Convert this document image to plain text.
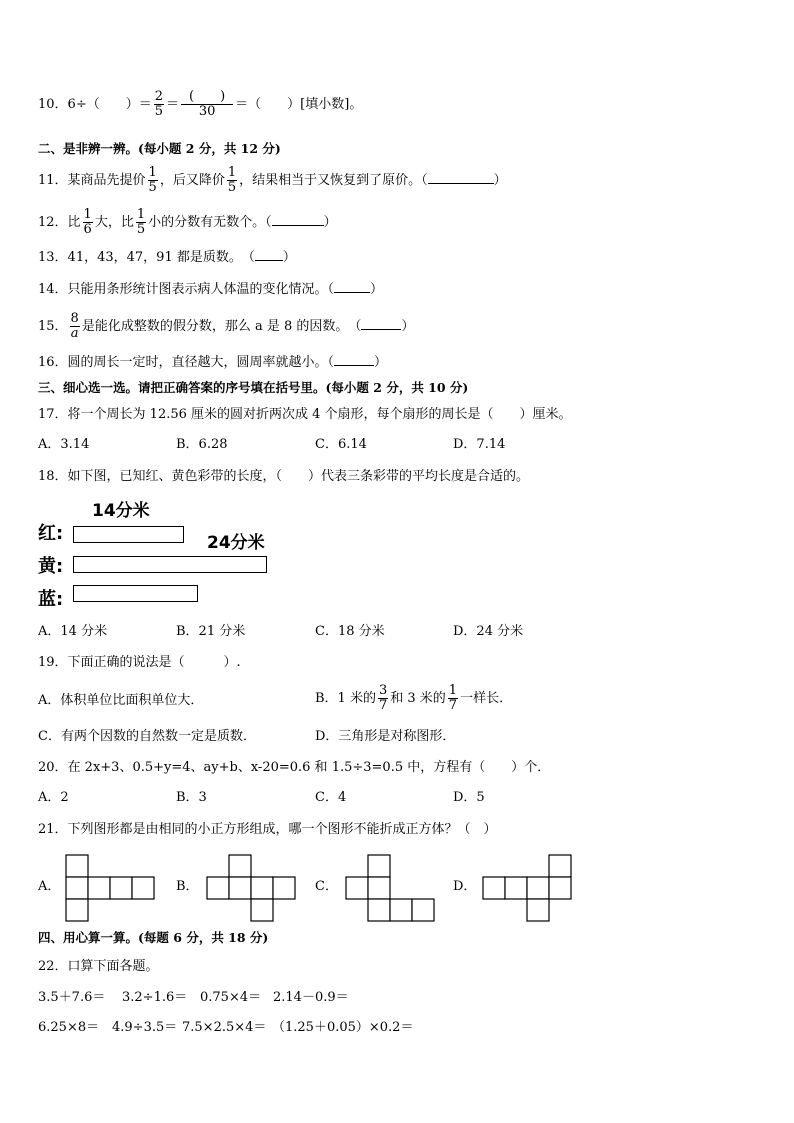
10．6÷（　　）＝ $\frac{2}{5} = \frac{( )}{30}$ ＝（　　）[填小数]。
二、是非辨一辨。(每小题 2 分，共 12 分)
11．某商品先提价 $\frac{1}{5}$ ，后又降价 $\frac{1}{5}$ ，结果相当于又恢复到了原价。（	）
12．比 $\frac{1}{6}$ 大，比 $\frac{1}{5}$ 小的分数有无数个。（	）
13．41，43，47，91 都是质数。　（ ）
14．只能用条形统计图表示病人体温的变化情况。（	）
15． $\frac{8}{a}$ 是能化成整数的假分数，那么 a 是 8 的因数。　（	）
16．圆的周长一定时，直径越大，圆周率就越小。（	）
三、细心选一选。请把正确答案的序号填在括号里。(每小题 2 分，共 10 分)
17．将一个周长为 12.56 厘米的圆对折两次成 4 个扇形，每个扇形的周长是（　　）厘米。
A．3.14	B．6.28	C．6.14	D．7.14
18．如下图，已知红、黄色彩带的长度，（　　）代表三条彩带的平均长度是合适的。
14分米
24分米
红:
黄:
蓝:
A．14 分米	B．21 分米	C．18 分米	D．24 分米
19．下面正确的说法是（　　　）.
A．体积单位比面积单位大．	B．1 米的 $\frac{3}{7}$ 和 3 米的 $\frac{1}{7}$ 一样长．
C．有两个因数的自然数一定是质数．	D．三角形是对称图形．
20．在 2x+3、0.5+y=4、ay+b、x-20=0.6 和 1.5÷3=0.5 中，方程有（　　）个．
A．2	B．3	C．4	D．5
21．下列图形都是由相同的小正方形组成，哪一个图形不能折成正方体？（　）
A．	B．	C．	D．
四、用心算一算。(每题 6 分，共 18 分)
22．口算下面各题。
3.5＋7.6＝ 3.2÷1.6＝ 0.75×4＝ 2.14－0.9＝
6.25×8＝ 4.9÷3.5＝ 7.5×2.5×4＝ （1.25＋0.05）×0.2＝
